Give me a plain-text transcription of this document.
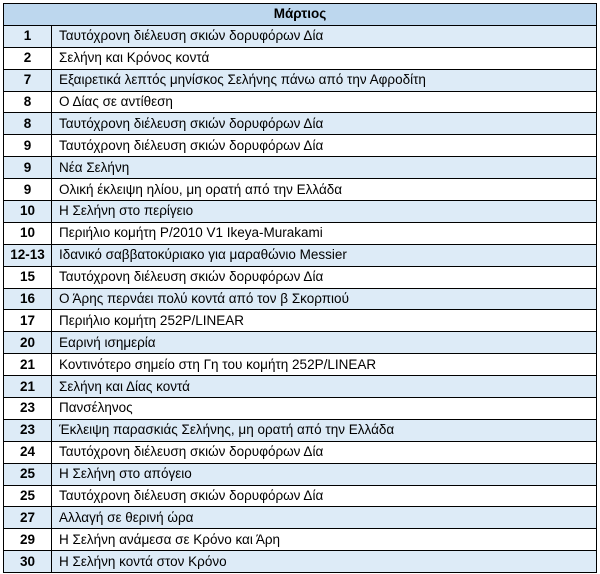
Μάρτιος	
1	Ταυτόχρονη διέλευση σκιών δορυφόρων Δία
2	Σελήνη και Κρόνος κοντά
7	Εξαιρετικά λεπτός μηνίσκος Σελήνης πάνω από την Αφροδίτη
8	Ο Δίας σε αντίθεση
8	Ταυτόχρονη διέλευση σκιών δορυφόρων Δία
9	Ταυτόχρονη διέλευση σκιών δορυφόρων Δία
9	Νέα Σελήνη
9	Ολική έκλειψη ηλίου, μη ορατή από την Ελλάδα
10	Η Σελήνη στο περίγειο
10	Περιήλιο κομήτη P/2010 V1 Ikeya-Murakami
12-13	Ιδανικό σαββατοκύριακο για μαραθώνιο Messier
15	Ταυτόχρονη διέλευση σκιών δορυφόρων Δία
16	Ο Άρης περνάει πολύ κοντά από τον β Σκορπιού
17	Περιήλιο κομήτη 252P/LINEAR
20	Εαρινή ισημερία
21	Κοντινότερο σημείο στη Γη του κομήτη 252P/LINEAR
21	Σελήνη και Δίας κοντά
23	Πανσέληνος
23	Έκλειψη παρασκιάς Σελήνης, μη ορατή από την Ελλάδα
24	Ταυτόχρονη διέλευση σκιών δορυφόρων Δία
25	Η Σελήνη στο απόγειο
25	Ταυτόχρονη διέλευση σκιών δορυφόρων Δία
27	Αλλαγή σε θερινή ώρα
29	Η Σελήνη ανάμεσα σε Κρόνο και Άρη
30	Η Σελήνη κοντά στον Κρόνο
